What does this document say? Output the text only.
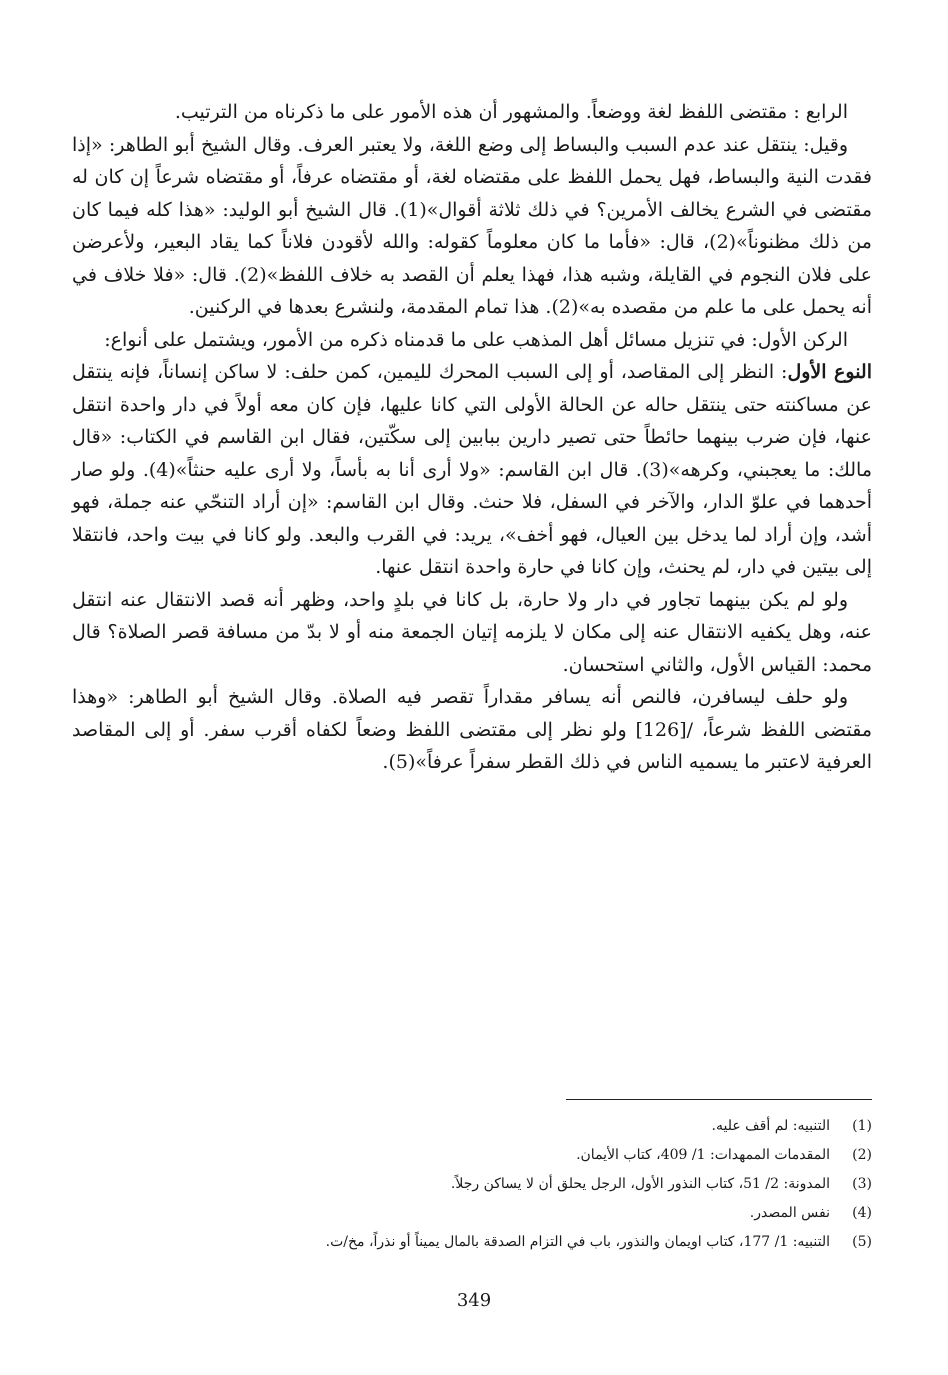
الرابع : مقتضى اللفظ لغة ووضعاً. والمشهور أن هذه الأمور على ما ذكرناه من الترتيب.

وقيل: ينتقل عند عدم السبب والبساط إلى وضع اللغة، ولا يعتبر العرف. وقال الشيخ أبو الطاهر: «إذا فقدت النية والبساط، فهل يحمل اللفظ على مقتضاه لغة، أو مقتضاه عرفاً، أو مقتضاه شرعاً إن كان له مقتضى في الشرع يخالف الأمرين؟ في ذلك ثلاثة أقوال»(1). قال الشيخ أبو الوليد: «هذا كله فيما كان من ذلك مظنوناً»(2)، قال: «فأما ما كان معلوماً كقوله: والله لأقودن فلاناً كما يقاد البعير، ولأعرضن على فلان النجوم في القايلة، وشبه هذا، فهذا يعلم أن القصد به خلاف اللفظ»(2). قال: «فلا خلاف في أنه يحمل على ما علم من مقصده به»(2). هذا تمام المقدمة، ولنشرع بعدها في الركنين.

الركن الأول: في تنزيل مسائل أهل المذهب على ما قدمناه ذكره من الأمور، ويشتمل على أنواع:

النوع الأول: النظر إلى المقاصد، أو إلى السبب المحرك لليمين، كمن حلف: لا ساكن إنساناً، فإنه ينتقل عن مساكنته حتى ينتقل حاله عن الحالة الأولى التي كانا عليها، فإن كان معه أولاً في دار واحدة انتقل عنها، فإن ضرب بينهما حائطاً حتى تصير دارين ببابين إلى سكّتين، فقال ابن القاسم في الكتاب: «قال مالك: ما يعجبني، وكرهه»(3). قال ابن القاسم: «ولا أرى أنا به بأساً، ولا أرى عليه حنثاً»(4). ولو صار أحدهما في علوّ الدار، والآخر في السفل، فلا حنث. وقال ابن القاسم: «إن أراد التنحّي عنه جملة، فهو أشد، وإن أراد لما يدخل بين العيال، فهو أخف»، يريد: في القرب والبعد. ولو كانا في بيت واحد، فانتقلا إلى بيتين في دار، لم يحنث، وإن كانا في حارة واحدة انتقل عنها.

ولو لم يكن بينهما تجاور في دار ولا حارة، بل كانا في بلدٍ واحد، وظهر أنه قصد الانتقال عنه انتقل عنه، وهل يكفيه الانتقال عنه إلى مكان لا يلزمه إتيان الجمعة منه أو لا بدّ من مسافة قصر الصلاة؟ قال محمد: القياس الأول، والثاني استحسان.

ولو حلف ليسافرن، فالنص أنه يسافر مقداراً تقصر فيه الصلاة. وقال الشيخ أبو الطاهر: «وهذا مقتضى اللفظ شرعاً، /[126] ولو نظر إلى مقتضى اللفظ وضعاً لكفاه أقرب سفر. أو إلى المقاصد العرفية لاعتبر ما يسميه الناس في ذلك القطر سفراً عرفاً»(5).

(1)
التنبيه: لم أقف عليه.
(2)
المقدمات الممهدات: 1/ 409، كتاب الأيمان.
(3)
المدونة: 2/ 51، كتاب النذور الأول، الرجل يحلق أن لا يساكن رجلاً.
(4)
نفس المصدر.
(5)
التنبيه: 1/ 177، كتاب اويمان والنذور، باب في التزام الصدقة بالمال يميناً أو نذراً، مخ/ت.
349
